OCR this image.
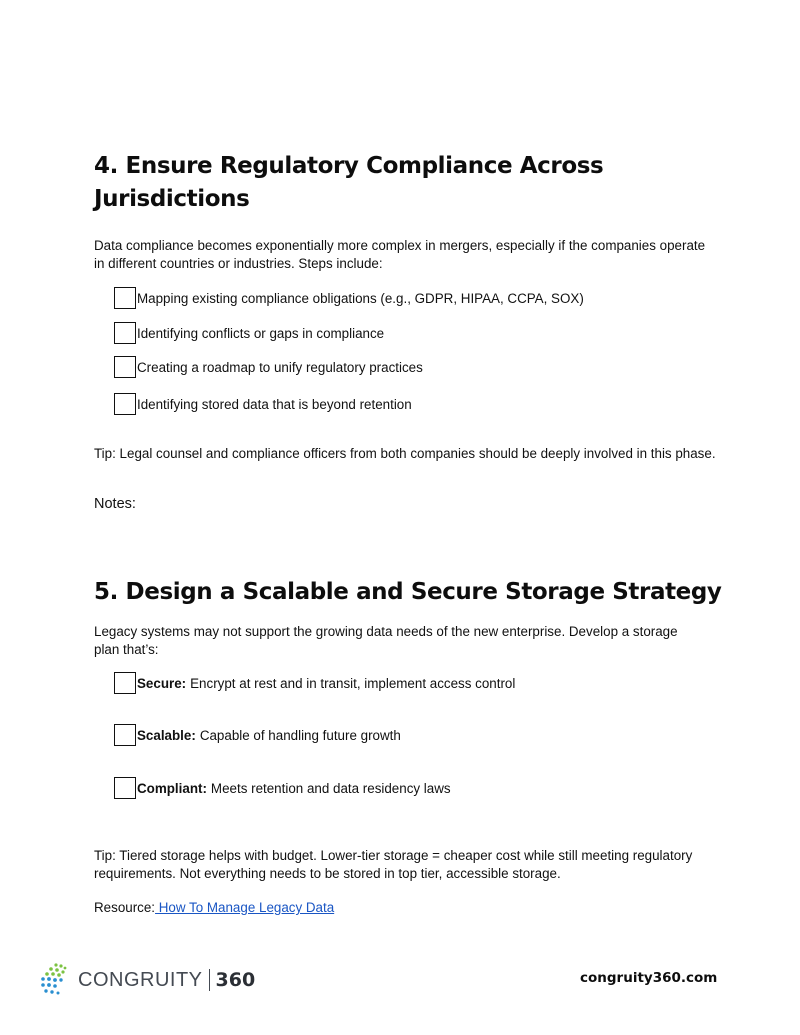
4. Ensure Regulatory Compliance Across
Jurisdictions
Data compliance becomes exponentially more complex in mergers, especially if the companies operate in different countries or industries. Steps include:
Mapping existing compliance obligations (e.g., GDPR, HIPAA, CCPA, SOX)
Identifying conflicts or gaps in compliance
Creating a roadmap to unify regulatory practices
Identifying stored data that is beyond retention
Tip: Legal counsel and compliance officers from both companies should be deeply involved in this phase.
Notes:
5. Design a Scalable and Secure Storage Strategy
Legacy systems may not support the growing data needs of the new enterprise. Develop a storage plan that’s:
Secure: Encrypt at rest and in transit, implement access control
Scalable: Capable of handling future growth
Compliant: Meets retention and data residency laws
Tip: Tiered storage helps with budget. Lower-tier storage = cheaper cost while still meeting regulatory requirements. Not everything needs to be stored in top tier, accessible storage.
Resource: How To Manage Legacy Data
CONGRUITY 360	congruity360.com
